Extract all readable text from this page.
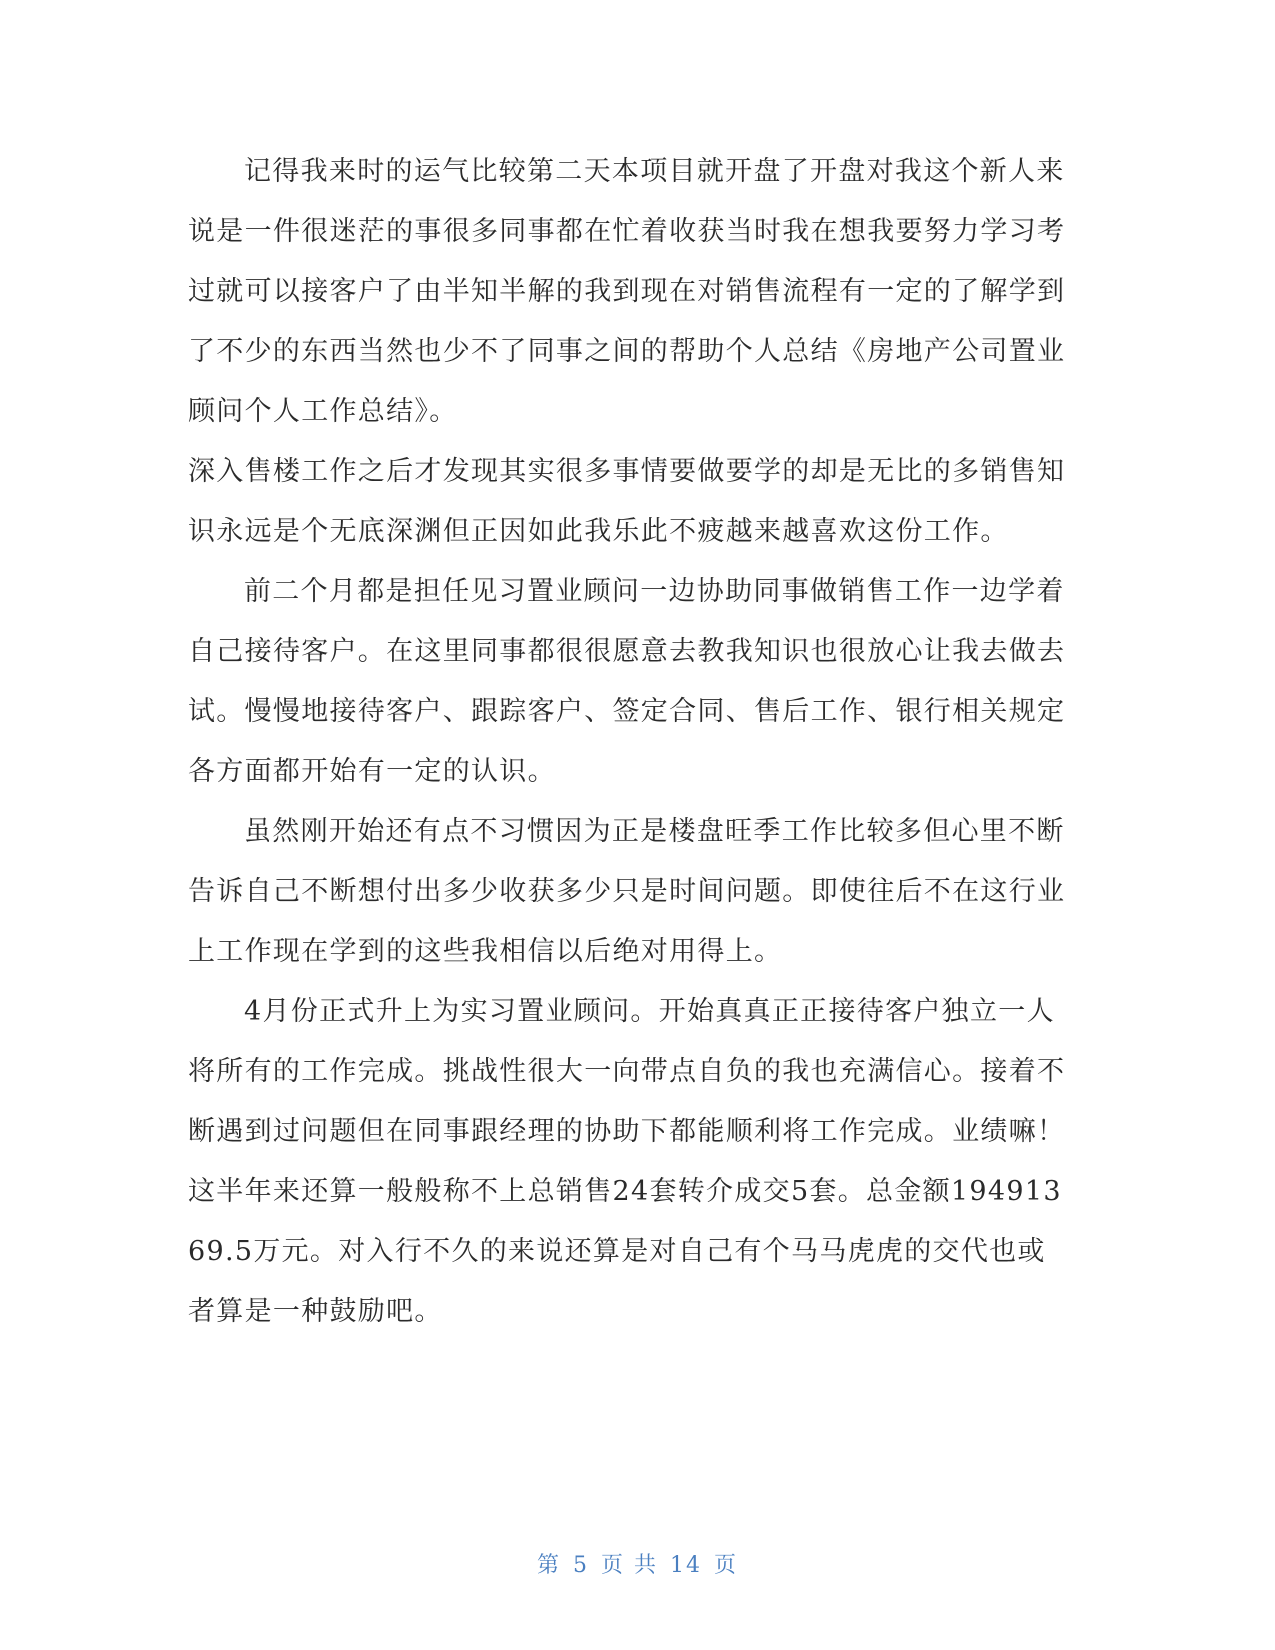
记得我来时的运气比较第二天本项目就开盘了开盘对我这个新人来说是一件很迷茫的事很多同事都在忙着收获当时我在想我要努力学习考过就可以接客户了由半知半解的我到现在对销售流程有一定的了解学到了不少的东西当然也少不了同事之间的帮助个人总结《房地产公司置业顾问个人工作总结》。

深入售楼工作之后才发现其实很多事情要做要学的却是无比的多销售知识永远是个无底深渊但正因如此我乐此不疲越来越喜欢这份工作。

前二个月都是担任见习置业顾问一边协助同事做销售工作一边学着自己接待客户。在这里同事都很很愿意去教我知识也很放心让我去做去试。慢慢地接待客户、跟踪客户、签定合同、售后工作、银行相关规定各方面都开始有一定的认识。

虽然刚开始还有点不习惯因为正是楼盘旺季工作比较多但心里不断告诉自己不断想付出多少收获多少只是时间问题。即使往后不在这行业上工作现在学到的这些我相信以后绝对用得上。

4月份正式升上为实习置业顾问。开始真真正正接待客户独立一人将所有的工作完成。挑战性很大一向带点自负的我也充满信心。接着不断遇到过问题但在同事跟经理的协助下都能顺利将工作完成。业绩嘛！这半年来还算一般般称不上总销售24套转介成交5套。总金额19491369.5万元。对入行不久的来说还算是对自己有个马马虎虎的交代也或者算是一种鼓励吧。

第 5 页 共 14 页
